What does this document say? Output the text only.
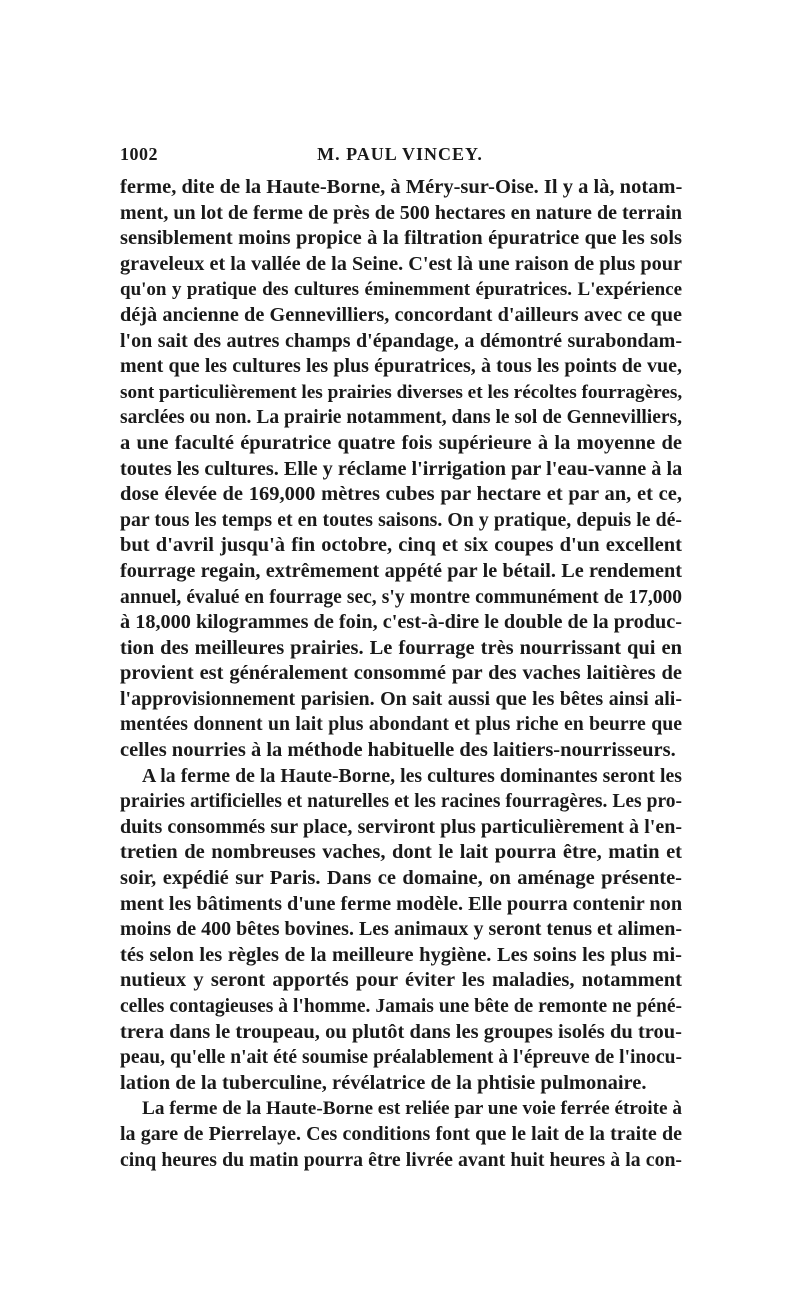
1002	M. PAUL VINCEY.
ferme, dite de la Haute-Borne, à Méry-sur-Oise. Il y a là, notam-
ment, un lot de ferme de près de 500 hectares en nature de terrain
sensiblement moins propice à la filtration épuratrice que les sols
graveleux et la vallée de la Seine. C'est là une raison de plus pour
qu'on y pratique des cultures éminemment épuratrices. L'expérience
déjà ancienne de Gennevilliers, concordant d'ailleurs avec ce que
l'on sait des autres champs d'épandage, a démontré surabondam-
ment que les cultures les plus épuratrices, à tous les points de vue,
sont particulièrement les prairies diverses et les récoltes fourragères,
sarclées ou non. La prairie notamment, dans le sol de Gennevilliers,
a une faculté épuratrice quatre fois supérieure à la moyenne de
toutes les cultures. Elle y réclame l'irrigation par l'eau-vanne à la
dose élevée de 169,000 mètres cubes par hectare et par an, et ce,
par tous les temps et en toutes saisons. On y pratique, depuis le dé-
but d'avril jusqu'à fin octobre, cinq et six coupes d'un excellent
fourrage regain, extrêmement appété par le bétail. Le rendement
annuel, évalué en fourrage sec, s'y montre communément de 17,000
à 18,000 kilogrammes de foin, c'est-à-dire le double de la produc-
tion des meilleures prairies. Le fourrage très nourrissant qui en
provient est généralement consommé par des vaches laitières de
l'approvisionnement parisien. On sait aussi que les bêtes ainsi ali-
mentées donnent un lait plus abondant et plus riche en beurre que
celles nourries à la méthode habituelle des laitiers-nourrisseurs.
A la ferme de la Haute-Borne, les cultures dominantes seront les
prairies artificielles et naturelles et les racines fourragères. Les pro-
duits consommés sur place, serviront plus particulièrement à l'en-
tretien de nombreuses vaches, dont le lait pourra être, matin et
soir, expédié sur Paris. Dans ce domaine, on aménage présente-
ment les bâtiments d'une ferme modèle. Elle pourra contenir non
moins de 400 bêtes bovines. Les animaux y seront tenus et alimen-
tés selon les règles de la meilleure hygiène. Les soins les plus mi-
nutieux y seront apportés pour éviter les maladies, notamment
celles contagieuses à l'homme. Jamais une bête de remonte ne péné-
trera dans le troupeau, ou plutôt dans les groupes isolés du trou-
peau, qu'elle n'ait été soumise préalablement à l'épreuve de l'inocu-
lation de la tuberculine, révélatrice de la phtisie pulmonaire.
La ferme de la Haute-Borne est reliée par une voie ferrée étroite à
la gare de Pierrelaye. Ces conditions font que le lait de la traite de
cinq heures du matin pourra être livrée avant huit heures à la con-
